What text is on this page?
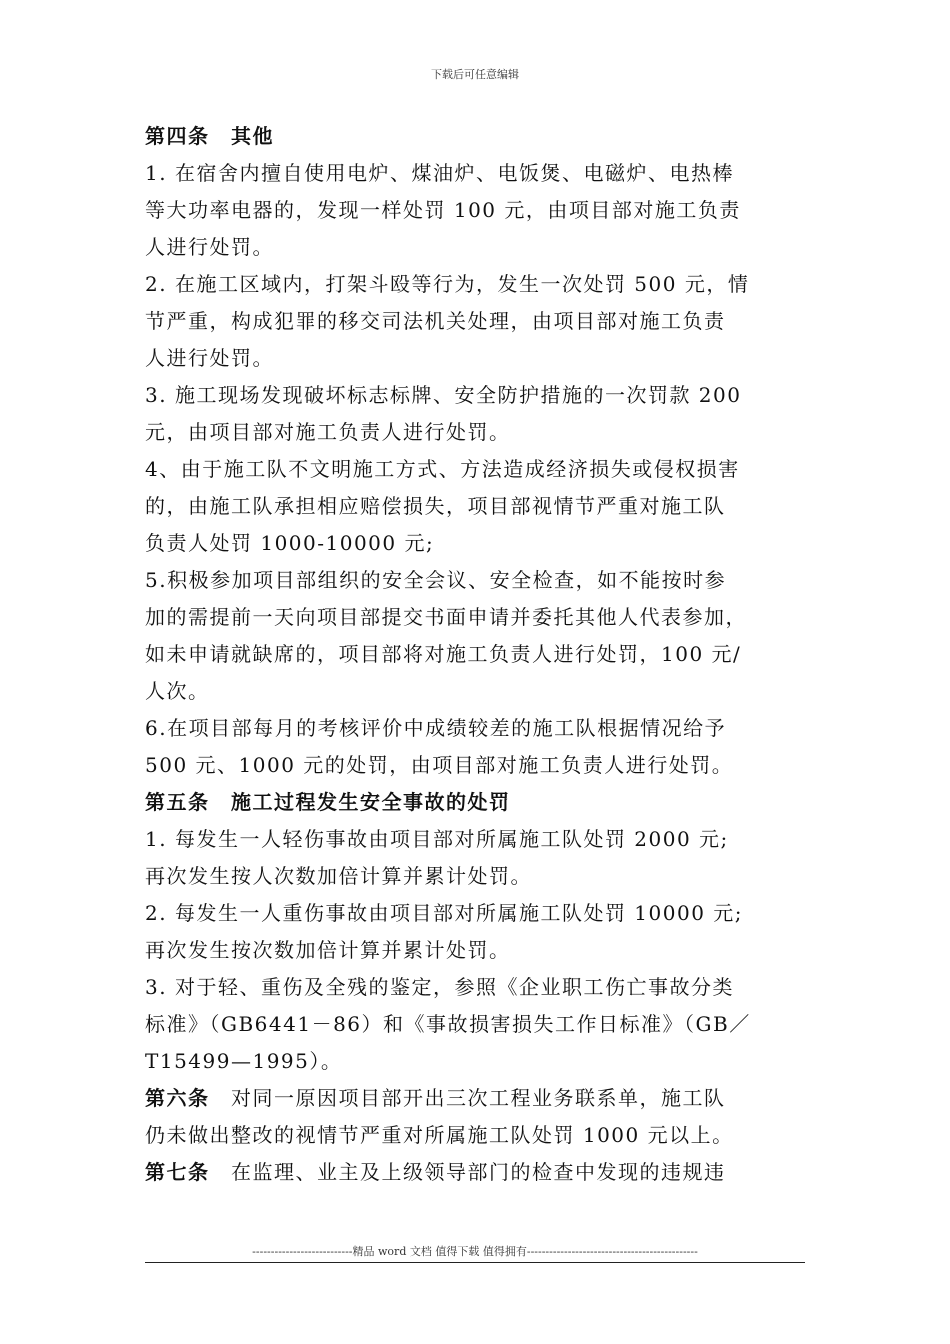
下载后可任意编辑
第四条　其他
1. 在宿舍内擅自使用电炉、煤油炉、电饭煲、电磁炉、电热棒
等大功率电器的，发现一样处罚 100 元，由项目部对施工负责
人进行处罚。
2. 在施工区域内，打架斗殴等行为，发生一次处罚 500 元，情
节严重，构成犯罪的移交司法机关处理，由项目部对施工负责
人进行处罚。
3. 施工现场发现破坏标志标牌、安全防护措施的一次罚款 200
元，由项目部对施工负责人进行处罚。
4、由于施工队不文明施工方式、方法造成经济损失或侵权损害
的，由施工队承担相应赔偿损失，项目部视情节严重对施工队
负责人处罚 1000-10000 元;
5.积极参加项目部组织的安全会议、安全检查，如不能按时参
加的需提前一天向项目部提交书面申请并委托其他人代表参加，
如未申请就缺席的，项目部将对施工负责人进行处罚，100 元/
人次。
6.在项目部每月的考核评价中成绩较差的施工队根据情况给予
500 元、1000 元的处罚，由项目部对施工负责人进行处罚。
第五条　施工过程发生安全事故的处罚
1. 每发生一人轻伤事故由项目部对所属施工队处罚 2000 元;
再次发生按人次数加倍计算并累计处罚。
2. 每发生一人重伤事故由项目部对所属施工队处罚 10000 元;
再次发生按次数加倍计算并累计处罚。
3. 对于轻、重伤及全残的鉴定，参照《企业职工伤亡事故分类
标准》（GB6441－86）和《事故损害损失工作日标准》（GB／
T15499—1995）。
第六条　对同一原因项目部开出三次工程业务联系单，施工队
仍未做出整改的视情节严重对所属施工队处罚 1000 元以上。
第七条　在监理、业主及上级领导部门的检查中发现的违规违
---------------------------精品 word 文档 值得下载 值得拥有----------------------------------------------
